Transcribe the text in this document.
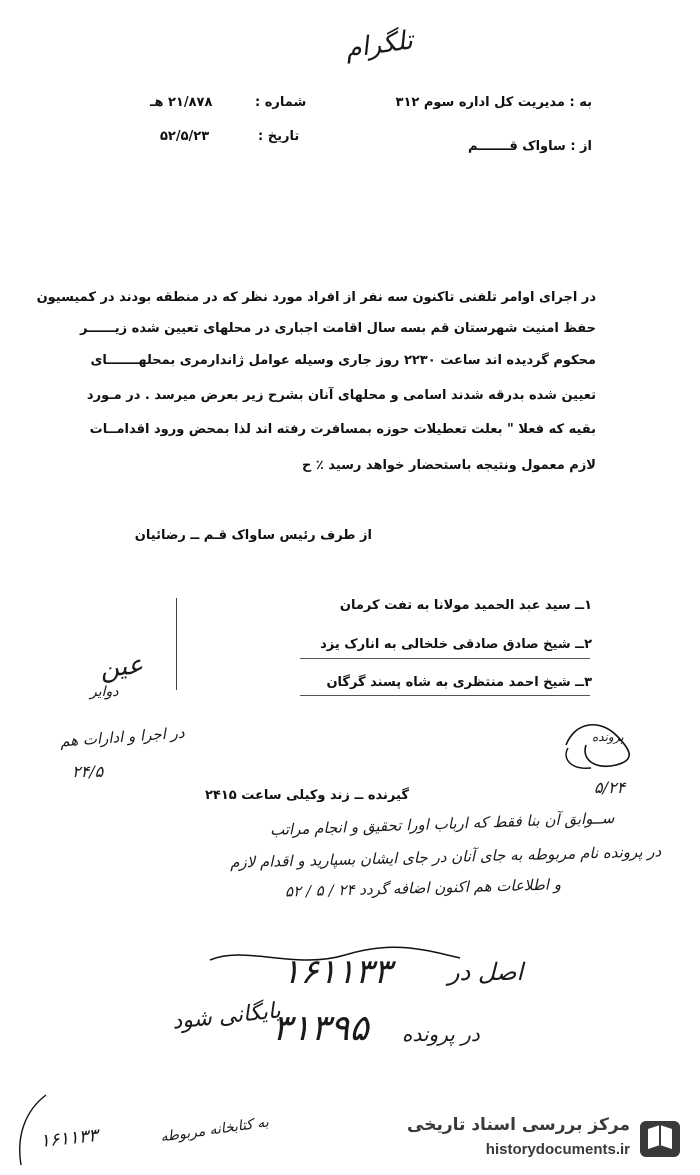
تلگرام
شماره :
۲۱/۸۷۸ هـ
تاریخ :
۵۲/۵/۲۳
به : مدیریت کل اداره سوم ۳۱۲
از : ساواک قـــــــم
در اجرای اوامر تلفنی تاکنون سه نفر از افراد مورد نظر که در منطقه بودند در کمیسیون
حفظ امنیت شهرستان قم بسه سال اقامت اجباری در محلهای تعیین شده زیــــــر
محکوم گردیده اند ساعت ۲۲۳۰ روز جاری وسیله عوامل ژاندارمری بمحلهـــــــای
تعیین شده بدرقه شدند اسامی و محلهای آنان بشرح زیر بعرض میرسد . در مـورد
بقیه که فعلا " بعلت تعطیلات حوزه بمسافرت رفته اند لذا بمحض ورود اقدامــات
لازم معمول ونتیجه باستحضار خواهد رسید ٪ ح
از طرف رئیس ساواک قـم ــ رضائیان
۱ــ سید عبد الحمید مولانا به تفت کرمان
۲ــ شیخ صادق صادقی خلخالی به انارک یزد
۳ــ شیخ احمد منتظری به شاه پسند گرگان
عین
دوایر
در اجرا و ادارات هم
۲۴/۵
پرونده
۵/۲۴
گیرنده ــ زند وکیلی ساعت ۲۴۱۵
ســوابق آن بنا فقط که ارباب اورا تحقیق و انجام مراتب
در پرونده نام مربوطه به جای آنان در جای ایشان بسپارید و اقدام لازم
و اطلاعات هم اکنون اضافه گردد ۲۴ / ۵ / ۵۲
اصل در
۱۶۱۱۳۳
در پرونده
۳۱۳۹۵
بایگانی شود
به کتابخانه مربوطه
۱۶۱۱۳۳
مرکز بررسی اسناد تاریخی
historydocuments.ir
